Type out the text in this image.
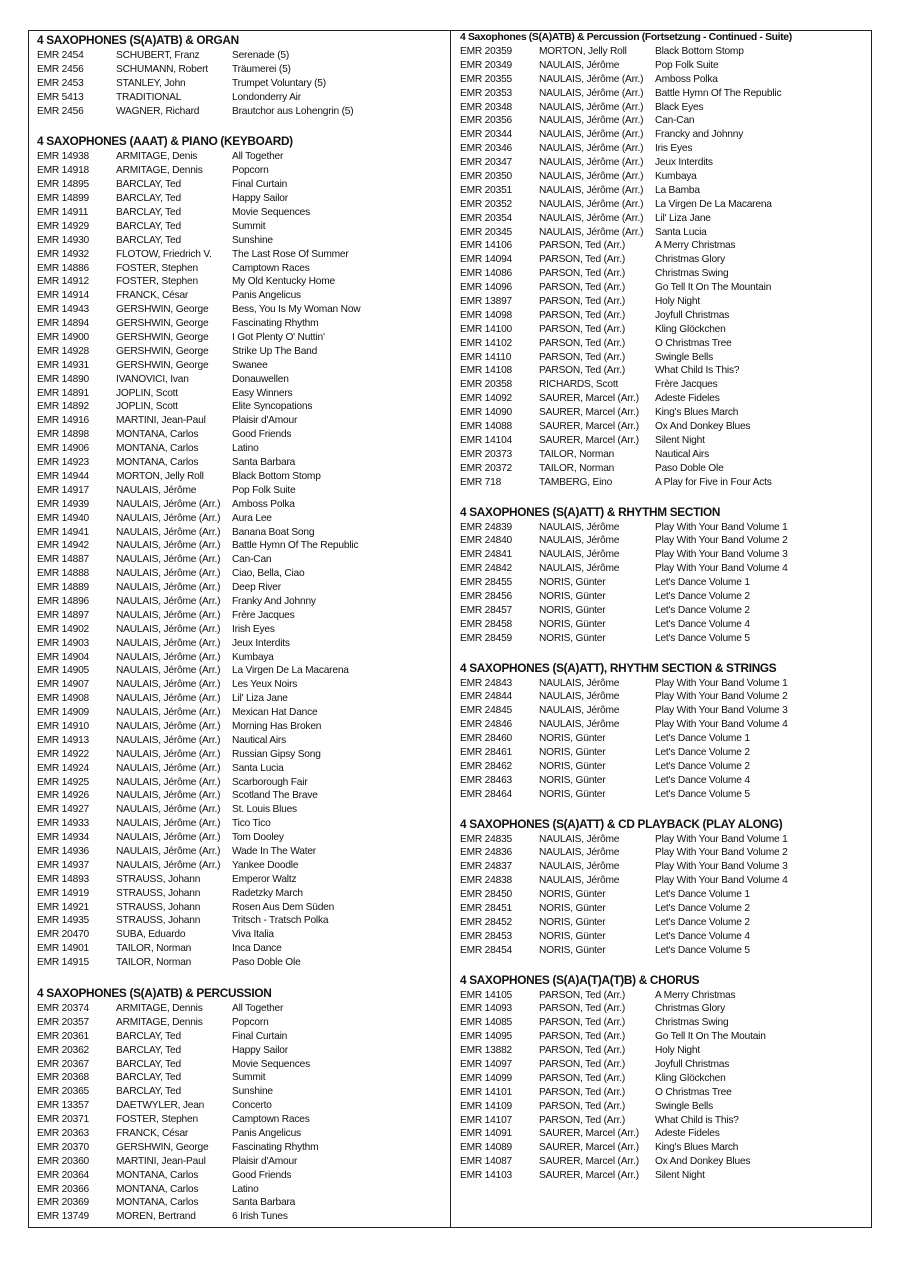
4 SAXOPHONES (S(A)ATB) & ORGAN
EMR 2454	SCHUBERT, Franz	Serenade (5)
EMR 2456	SCHUMANN, Robert	Träumerei (5)
EMR 2453	STANLEY, John	Trumpet Voluntary (5)
EMR 5413	TRADITIONAL	Londonderry Air
EMR 2456	WAGNER, Richard	Brautchor aus Lohengrin (5)
4 SAXOPHONES (AAAT) & PIANO (KEYBOARD)
EMR 14938	ARMITAGE, Denis	All Together
EMR 14918	ARMITAGE, Dennis	Popcorn
EMR 14895	BARCLAY, Ted	Final Curtain
EMR 14899	BARCLAY, Ted	Happy Sailor
EMR 14911	BARCLAY, Ted	Movie Sequences
EMR 14929	BARCLAY, Ted	Summit
EMR 14930	BARCLAY, Ted	Sunshine
EMR 14932	FLOTOW, Friedrich V.	The Last Rose Of Summer
EMR 14886	FOSTER, Stephen	Camptown Races
EMR 14912	FOSTER, Stephen	My Old Kentucky Home
EMR 14914	FRANCK, César	Panis Angelicus
EMR 14943	GERSHWIN, George	Bess, You Is My Woman Now
EMR 14894	GERSHWIN, George	Fascinating Rhythm
EMR 14900	GERSHWIN, George	I Got Plenty O' Nuttin'
EMR 14928	GERSHWIN, George	Strike Up The Band
EMR 14931	GERSHWIN, George	Swanee
EMR 14890	IVANOVICI, Ivan	Donauwellen
EMR 14891	JOPLIN, Scott	Easy Winners
EMR 14892	JOPLIN, Scott	Elite Syncopations
EMR 14916	MARTINI, Jean-Paul	Plaisir d'Amour
EMR 14898	MONTANA, Carlos	Good Friends
EMR 14906	MONTANA, Carlos	Latino
EMR 14923	MONTANA, Carlos	Santa Barbara
EMR 14944	MORTON, Jelly Roll	Black Bottom Stomp
EMR 14917	NAULAIS, Jérôme	Pop Folk Suite
EMR 14939	NAULAIS, Jérôme (Arr.)	Amboss Polka
EMR 14940	NAULAIS, Jérôme (Arr.)	Aura Lee
EMR 14941	NAULAIS, Jérôme (Arr.)	Banana Boat Song
EMR 14942	NAULAIS, Jérôme (Arr.)	Battle Hymn Of The Republic
EMR 14887	NAULAIS, Jérôme (Arr.)	Can-Can
EMR 14888	NAULAIS, Jérôme (Arr.)	Ciao, Bella, Ciao
EMR 14889	NAULAIS, Jérôme (Arr.)	Deep River
EMR 14896	NAULAIS, Jérôme (Arr.)	Franky And Johnny
EMR 14897	NAULAIS, Jérôme (Arr.)	Frère Jacques
EMR 14902	NAULAIS, Jérôme (Arr.)	Irish Eyes
EMR 14903	NAULAIS, Jérôme (Arr.)	Jeux Interdits
EMR 14904	NAULAIS, Jérôme (Arr.)	Kumbaya
EMR 14905	NAULAIS, Jérôme (Arr.)	La Virgen De La Macarena
EMR 14907	NAULAIS, Jérôme (Arr.)	Les Yeux Noirs
EMR 14908	NAULAIS, Jérôme (Arr.)	Lil' Liza Jane
EMR 14909	NAULAIS, Jérôme (Arr.)	Mexican Hat Dance
EMR 14910	NAULAIS, Jérôme (Arr.)	Morning Has Broken
EMR 14913	NAULAIS, Jérôme (Arr.)	Nautical Airs
EMR 14922	NAULAIS, Jérôme (Arr.)	Russian Gipsy Song
EMR 14924	NAULAIS, Jérôme (Arr.)	Santa Lucia
EMR 14925	NAULAIS, Jérôme (Arr.)	Scarborough Fair
EMR 14926	NAULAIS, Jérôme (Arr.)	Scotland The Brave
EMR 14927	NAULAIS, Jérôme (Arr.)	St. Louis Blues
EMR 14933	NAULAIS, Jérôme (Arr.)	Tico Tico
EMR 14934	NAULAIS, Jérôme (Arr.)	Tom Dooley
EMR 14936	NAULAIS, Jérôme (Arr.)	Wade In The Water
EMR 14937	NAULAIS, Jérôme (Arr.)	Yankee Doodle
EMR 14893	STRAUSS, Johann	Emperor Waltz
EMR 14919	STRAUSS, Johann	Radetzky March
EMR 14921	STRAUSS, Johann	Rosen Aus Dem Süden
EMR 14935	STRAUSS, Johann	Tritsch - Tratsch Polka
EMR 20470	SUBA, Eduardo	Viva Italia
EMR 14901	TAILOR, Norman	Inca Dance
EMR 14915	TAILOR, Norman	Paso Doble Ole
4 SAXOPHONES (S(A)ATB) & PERCUSSION
EMR 20374	ARMITAGE, Dennis	All Together
EMR 20357	ARMITAGE, Dennis	Popcorn
EMR 20361	BARCLAY, Ted	Final Curtain
EMR 20362	BARCLAY, Ted	Happy Sailor
EMR 20367	BARCLAY, Ted	Movie Sequences
EMR 20368	BARCLAY, Ted	Summit
EMR 20365	BARCLAY, Ted	Sunshine
EMR 13357	DAETWYLER, Jean	Concerto
EMR 20371	FOSTER, Stephen	Camptown Races
EMR 20363	FRANCK, César	Panis Angelicus
EMR 20370	GERSHWIN, George	Fascinating Rhythm
EMR 20360	MARTINI, Jean-Paul	Plaisir d'Amour
EMR 20364	MONTANA, Carlos	Good Friends
EMR 20366	MONTANA, Carlos	Latino
EMR 20369	MONTANA, Carlos	Santa Barbara
EMR 13749	MOREN, Bertrand	6 Irish Tunes
4 Saxophones (S(A)ATB) & Percussion (Fortsetzung - Continued - Suite)
EMR 20359	MORTON, Jelly Roll	Black Bottom Stomp
EMR 20349	NAULAIS, Jérôme	Pop Folk Suite
EMR 20355	NAULAIS, Jérôme (Arr.)	Amboss Polka
EMR 20353	NAULAIS, Jérôme (Arr.)	Battle Hymn Of The Republic
EMR 20348	NAULAIS, Jérôme (Arr.)	Black Eyes
EMR 20356	NAULAIS, Jérôme (Arr.)	Can-Can
EMR 20344	NAULAIS, Jérôme (Arr.)	Francky and Johnny
EMR 20346	NAULAIS, Jérôme (Arr.)	Iris Eyes
EMR 20347	NAULAIS, Jérôme (Arr.)	Jeux Interdits
EMR 20350	NAULAIS, Jérôme (Arr.)	Kumbaya
EMR 20351	NAULAIS, Jérôme (Arr.)	La Bamba
EMR 20352	NAULAIS, Jérôme (Arr.)	La Virgen De La Macarena
EMR 20354	NAULAIS, Jérôme (Arr.)	Lil' Liza Jane
EMR 20345	NAULAIS, Jérôme (Arr.)	Santa Lucia
EMR 14106	PARSON, Ted (Arr.)	A Merry Christmas
EMR 14094	PARSON, Ted (Arr.)	Christmas Glory
EMR 14086	PARSON, Ted (Arr.)	Christmas Swing
EMR 14096	PARSON, Ted (Arr.)	Go Tell It On The Mountain
EMR 13897	PARSON, Ted (Arr.)	Holy Night
EMR 14098	PARSON, Ted (Arr.)	Joyfull Christmas
EMR 14100	PARSON, Ted (Arr.)	Kling Glöckchen
EMR 14102	PARSON, Ted (Arr.)	O Christmas Tree
EMR 14110	PARSON, Ted (Arr.)	Swingle Bells
EMR 14108	PARSON, Ted (Arr.)	What Child Is This?
EMR 20358	RICHARDS, Scott	Frère Jacques
EMR 14092	SAURER, Marcel (Arr.)	Adeste Fideles
EMR 14090	SAURER, Marcel (Arr.)	King's Blues March
EMR 14088	SAURER, Marcel (Arr.)	Ox And Donkey Blues
EMR 14104	SAURER, Marcel (Arr.)	Silent Night
EMR 20373	TAILOR, Norman	Nautical Airs
EMR 20372	TAILOR, Norman	Paso Doble Ole
EMR 718	TAMBERG, Eino	A Play for Five in Four Acts
4 SAXOPHONES (S(A)ATT) & RHYTHM SECTION
EMR 24839	NAULAIS, Jérôme	Play With Your Band Volume 1
EMR 24840	NAULAIS, Jérôme	Play With Your Band Volume 2
EMR 24841	NAULAIS, Jérôme	Play With Your Band Volume 3
EMR 24842	NAULAIS, Jérôme	Play With Your Band Volume 4
EMR 28455	NORIS, Günter	Let's Dance Volume 1
EMR 28456	NORIS, Günter	Let's Dance Volume 2
EMR 28457	NORIS, Günter	Let's Dance Volume 2
EMR 28458	NORIS, Günter	Let's Dance Volume 4
EMR 28459	NORIS, Günter	Let's Dance Volume 5
4 SAXOPHONES (S(A)ATT), RHYTHM SECTION & STRINGS
EMR 24843	NAULAIS, Jérôme	Play With Your Band Volume 1
EMR 24844	NAULAIS, Jérôme	Play With Your Band Volume 2
EMR 24845	NAULAIS, Jérôme	Play With Your Band Volume 3
EMR 24846	NAULAIS, Jérôme	Play With Your Band Volume 4
EMR 28460	NORIS, Günter	Let's Dance Volume 1
EMR 28461	NORIS, Günter	Let's Dance Volume 2
EMR 28462	NORIS, Günter	Let's Dance Volume 2
EMR 28463	NORIS, Günter	Let's Dance Volume 4
EMR 28464	NORIS, Günter	Let's Dance Volume 5
4 SAXOPHONES (S(A)ATT) & CD PLAYBACK (PLAY ALONG)
EMR 24835	NAULAIS, Jérôme	Play With Your Band Volume 1
EMR 24836	NAULAIS, Jérôme	Play With Your Band Volume 2
EMR 24837	NAULAIS, Jérôme	Play With Your Band Volume 3
EMR 24838	NAULAIS, Jérôme	Play With Your Band Volume 4
EMR 28450	NORIS, Günter	Let's Dance Volume 1
EMR 28451	NORIS, Günter	Let's Dance Volume 2
EMR 28452	NORIS, Günter	Let's Dance Volume 2
EMR 28453	NORIS, Günter	Let's Dance Volume 4
EMR 28454	NORIS, Günter	Let's Dance Volume 5
4 SAXOPHONES (S(A)A(T)A(T)B) & CHORUS
EMR 14105	PARSON, Ted (Arr.)	A Merry Christmas
EMR 14093	PARSON, Ted (Arr.)	Christmas Glory
EMR 14085	PARSON, Ted (Arr.)	Christmas Swing
EMR 14095	PARSON, Ted (Arr.)	Go Tell It On The Moutain
EMR 13882	PARSON, Ted (Arr.)	Holy Night
EMR 14097	PARSON, Ted (Arr.)	Joyfull Christmas
EMR 14099	PARSON, Ted (Arr.)	Kling Glöckchen
EMR 14101	PARSON, Ted (Arr.)	O Christmas Tree
EMR 14109	PARSON, Ted (Arr.)	Swingle Bells
EMR 14107	PARSON, Ted (Arr.)	What Child is This?
EMR 14091	SAURER, Marcel (Arr.)	Adeste Fideles
EMR 14089	SAURER, Marcel (Arr.)	King's Blues March
EMR 14087	SAURER, Marcel (Arr.)	Ox And Donkey Blues
EMR 14103	SAURER, Marcel (Arr.)	Silent Night
